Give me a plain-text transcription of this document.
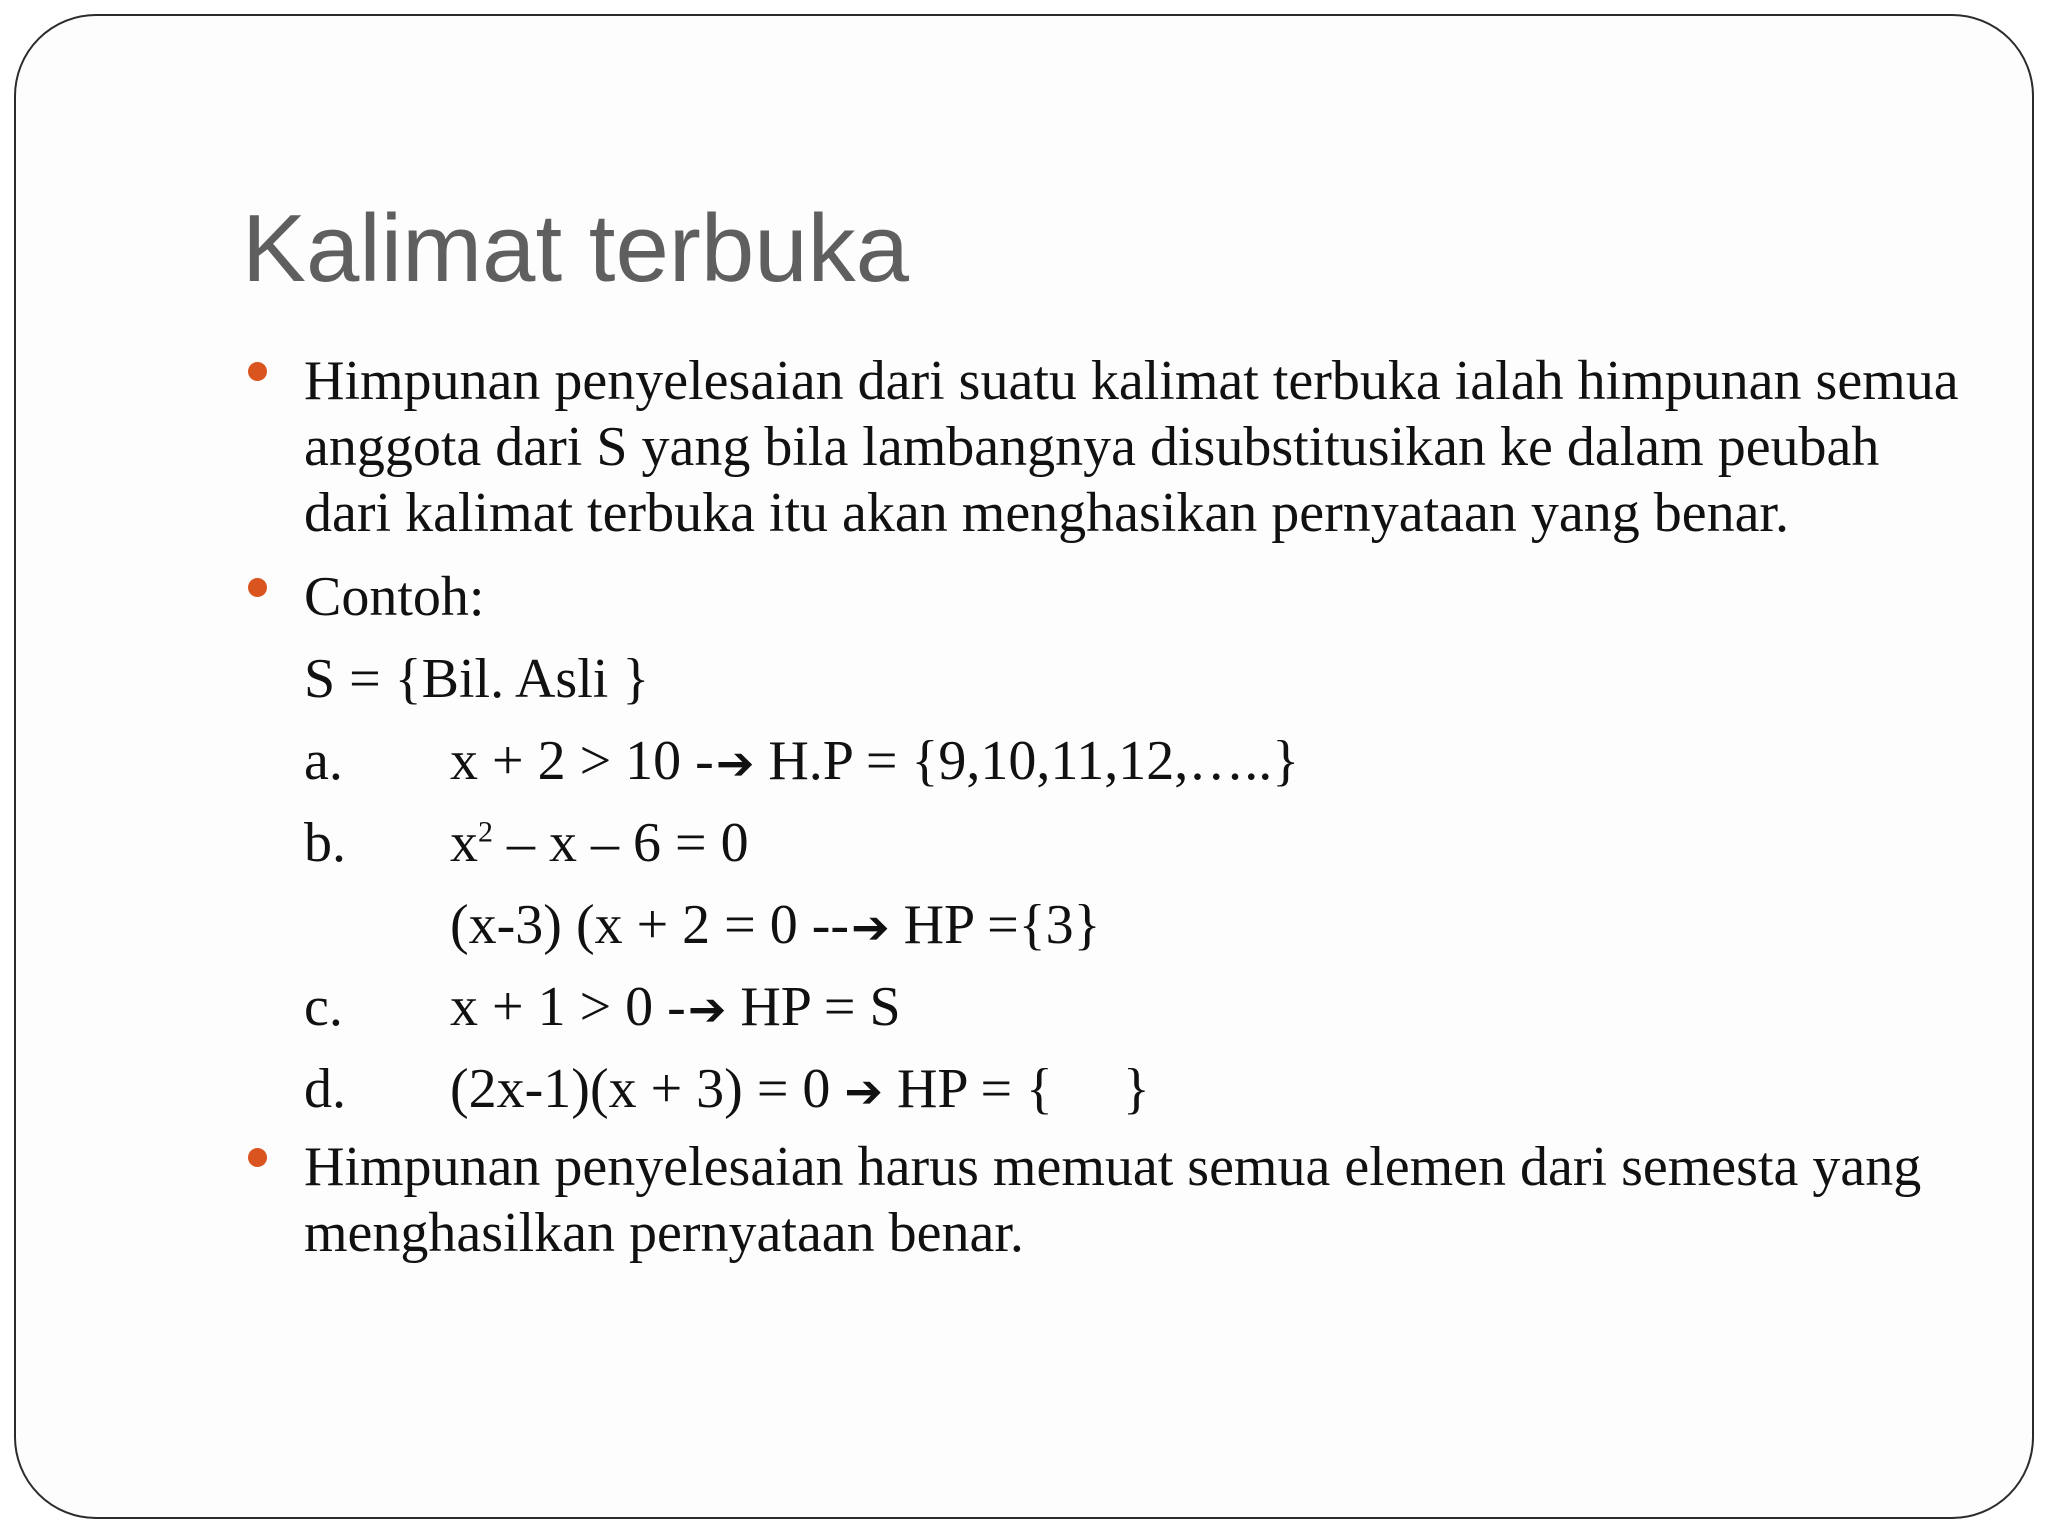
Kalimat terbuka
Himpunan penyelesaian dari suatu kalimat terbuka ialah himpunan semua anggota dari S yang bila lambangnya disubstitusikan ke dalam peubah dari kalimat terbuka itu akan menghasikan pernyataan yang benar.
Contoh:
S = {Bil. Asli }
a.	x + 2 > 10 - ➔ H.P = {9,10,11,12,…..}
b.	$x^2 - x - 6 = 0$
(x-3) (x + 2 = 0 -- ➔ HP ={3}
c.	x + 1 > 0 - ➔ HP = S
d.	(2x-1)(x + 3) = 0 ➔ HP = {     }
Himpunan penyelesaian harus memuat semua elemen dari semesta yang menghasilkan pernyataan benar.
